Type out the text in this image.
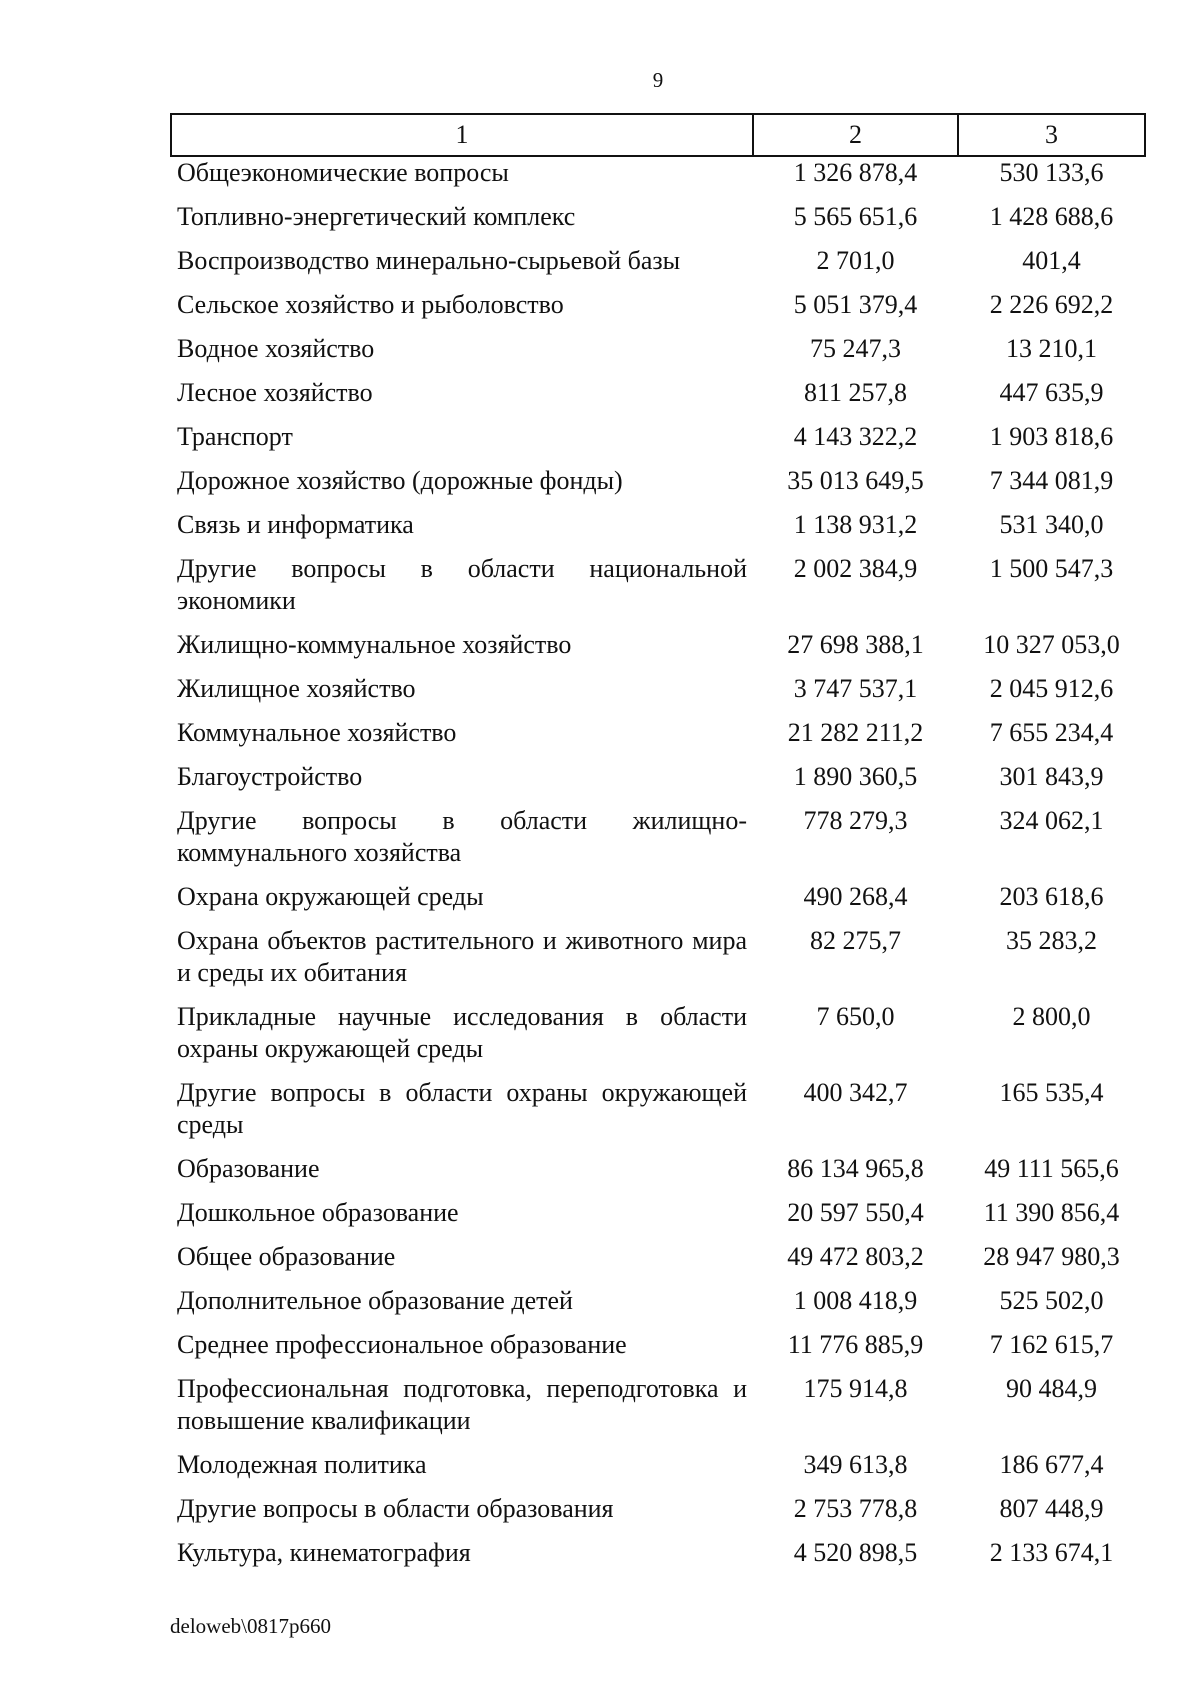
9
1	2	3
Общеэкономические вопросы	1 326 878,4	530 133,6
Топливно-энергетический комплекс	5 565 651,6	1 428 688,6
Воспроизводство минерально-сырьевой базы	2 701,0	401,4
Сельское хозяйство и рыболовство	5 051 379,4	2 226 692,2
Водное хозяйство	75 247,3	13 210,1
Лесное хозяйство	811 257,8	447 635,9
Транспорт	4 143 322,2	1 903 818,6
Дорожное хозяйство (дорожные фонды)	35 013 649,5	7 344 081,9
Связь и информатика	1 138 931,2	531 340,0
Другие вопросы в области национальной экономики	2 002 384,9	1 500 547,3
Жилищно-коммунальное хозяйство	27 698 388,1	10 327 053,0
Жилищное хозяйство	3 747 537,1	2 045 912,6
Коммунальное хозяйство	21 282 211,2	7 655 234,4
Благоустройство	1 890 360,5	301 843,9
Другие вопросы в области жилищно-коммунального хозяйства	778 279,3	324 062,1
Охрана окружающей среды	490 268,4	203 618,6
Охрана объектов растительного и животного мира и среды их обитания	82 275,7	35 283,2
Прикладные научные исследования в области охраны окружающей среды	7 650,0	2 800,0
Другие вопросы в области охраны окружающей среды	400 342,7	165 535,4
Образование	86 134 965,8	49 111 565,6
Дошкольное образование	20 597 550,4	11 390 856,4
Общее образование	49 472 803,2	28 947 980,3
Дополнительное образование детей	1 008 418,9	525 502,0
Среднее профессиональное образование	11 776 885,9	7 162 615,7
Профессиональная подготовка, переподготовка и повышение квалификации	175 914,8	90 484,9
Молодежная политика	349 613,8	186 677,4
Другие вопросы в области образования	2 753 778,8	807 448,9
Культура, кинематография	4 520 898,5	2 133 674,1
deloweb\0817p660
